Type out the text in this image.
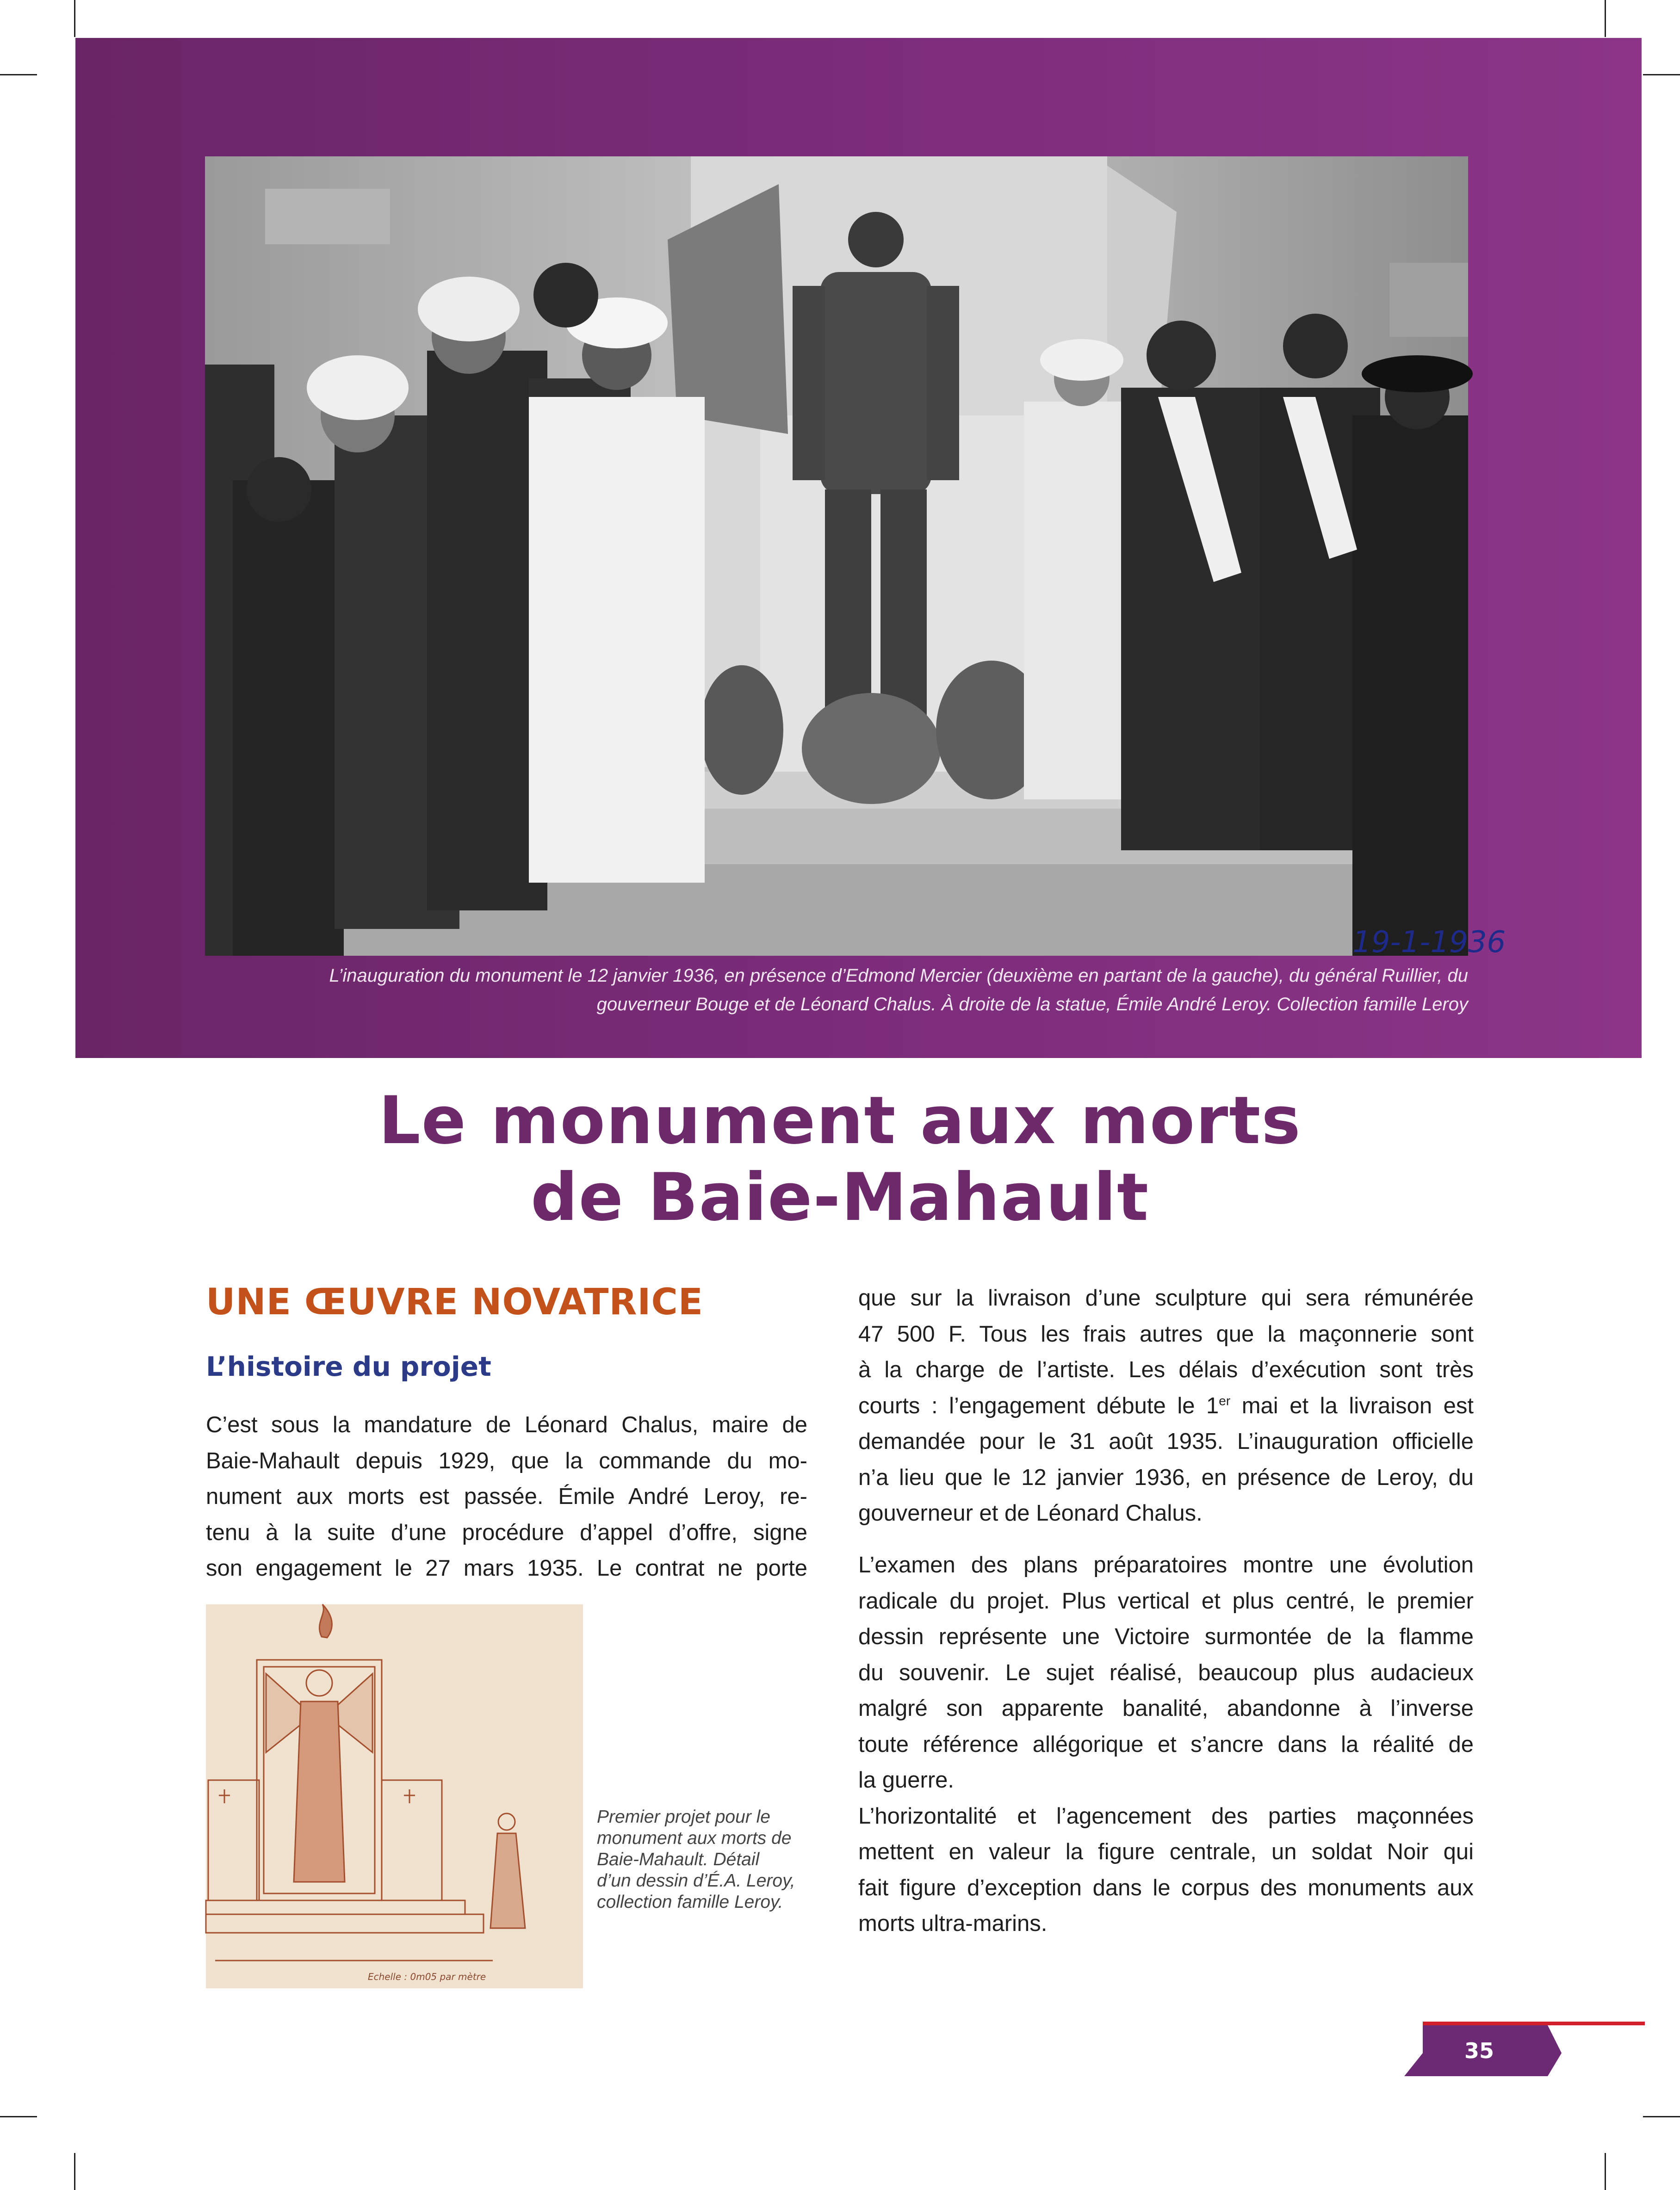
19-1-1936
L’inauguration du monument le 12 janvier 1936, en présence d’Edmond Mercier (deuxième en partant de la gauche), du général Ruillier, du
gouverneur Bouge et de Léonard Chalus. À droite de la statue, Émile André Leroy. Collection famille Leroy
Le monument aux morts
de Baie-Mahault
UNE ŒUVRE NOVATRICE
L’histoire du projet
C’est sous la mandature de Léonard Chalus, maire de
Baie-Mahault depuis 1929, que la commande du mo-
nument aux morts est passée. Émile André Leroy, re-
tenu à la suite d’une procédure d’appel d’offre, signe
son engagement le 27 mars 1935. Le contrat ne porte
que sur la livraison d’une sculpture qui sera rémunérée
47 500 F. Tous les frais autres que la maçonnerie sont
à la charge de l’artiste. Les délais d’exécution sont très
courts : l’engagement débute le 1er mai et la livraison est
demandée pour le 31 août 1935. L’inauguration officielle
n’a lieu que le 12 janvier 1936, en présence de Leroy, du
gouverneur et de Léonard Chalus.
L’examen des plans préparatoires montre une évolution
radicale du projet. Plus vertical et plus centré, le premier
dessin représente une Victoire surmontée de la flamme
du souvenir. Le sujet réalisé, beaucoup plus audacieux
malgré son apparente banalité, abandonne à l’inverse
toute référence allégorique et s’ancre dans la réalité de
la guerre.
L’horizontalité et l’agencement des parties maçonnées
mettent en valeur la figure centrale, un soldat Noir qui
fait figure d’exception dans le corpus des monuments aux
morts ultra-marins.
Echelle : 0m05 par mètre
Premier projet pour le
monument aux morts de
Baie-Mahault. Détail
d’un dessin d’É.A. Leroy,
collection famille Leroy.
35
